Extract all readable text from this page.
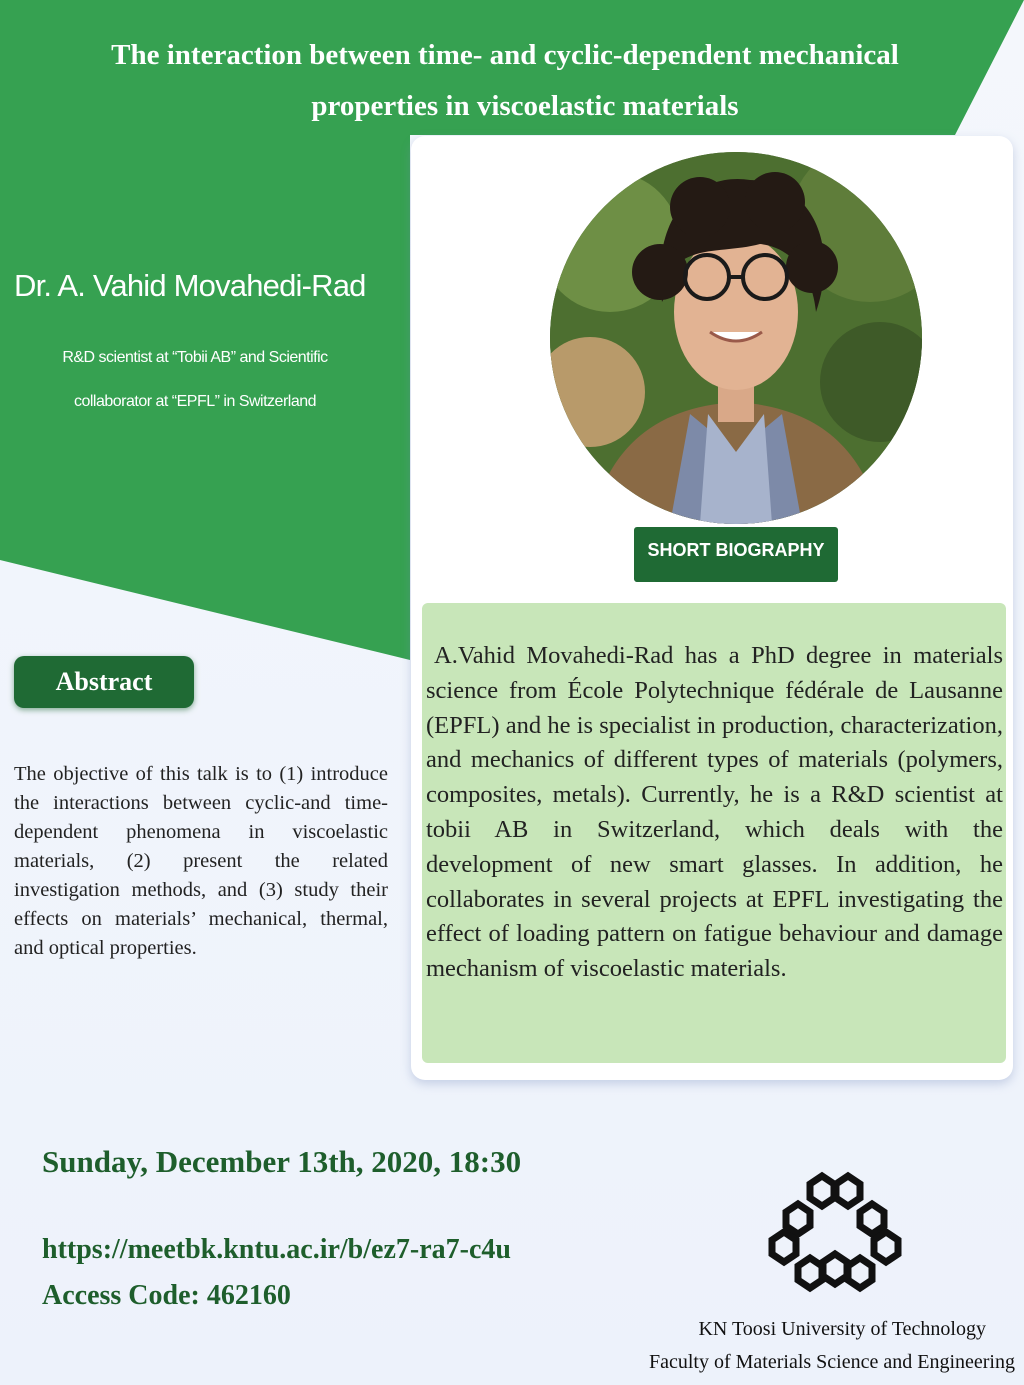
The interaction between time- and cyclic-dependent mechanical
properties in viscoelastic materials
Dr. A. Vahid Movahedi-Rad
R&D scientist at “Tobii AB” and Scientific
collaborator at “EPFL” in Switzerland
SHORT BIOGRAPHY

A.Vahid Movahedi-Rad has a PhD degree in materials science from École Polytechnique fédérale de Lausanne (EPFL) and he is specialist in production, characterization, and mechanics of different types of materials (polymers, composites, metals). Currently, he is a R&D scientist at tobii AB in Switzerland, which deals with the development of new smart glasses. In addition, he collaborates in several projects at EPFL investigating the effect of loading pattern on fatigue behaviour and damage mechanism of viscoelastic materials.

Abstract

The objective of this talk is to (1) introduce the interactions between cyclic-and time-dependent phenomena in viscoelastic materials, (2) present the related investigation methods, and (3) study their effects on materials’ mechanical, thermal, and optical properties.

Sunday, December 13th, 2020, 18:30
https://meetbk.kntu.ac.ir/b/ez7-ra7-c4u
Access Code: 462160
KN Toosi University of Technology
Faculty of Materials Science and Engineering
